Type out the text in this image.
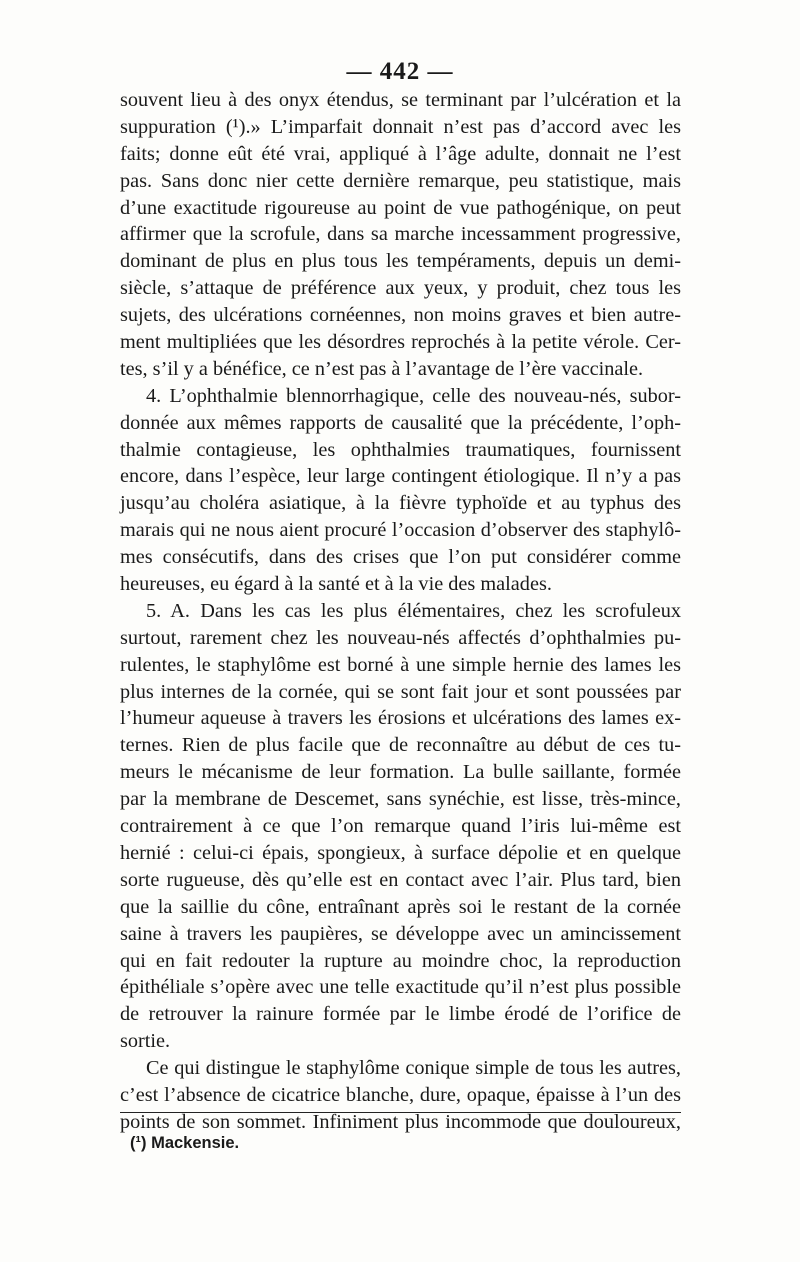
— 442 —
souvent lieu à des onyx étendus, se terminant par l’ulcération et la
suppuration (¹).» L’imparfait donnait n’est pas d’accord avec les
faits; donne eût été vrai, appliqué à l’âge adulte, donnait ne l’est
pas. Sans donc nier cette dernière remarque, peu statistique, mais
d’une exactitude rigoureuse au point de vue pathogénique, on peut
affirmer que la scrofule, dans sa marche incessamment progressive,
dominant de plus en plus tous les tempéraments, depuis un demi-
siècle, s’attaque de préférence aux yeux, y produit, chez tous les
sujets, des ulcérations cornéennes, non moins graves et bien autre-
ment multipliées que les désordres reprochés à la petite vérole. Cer-
tes, s’il y a bénéfice, ce n’est pas à l’avantage de l’ère vaccinale.
4. L’ophthalmie blennorrhagique, celle des nouveau-nés, subor-
donnée aux mêmes rapports de causalité que la précédente, l’oph-
thalmie contagieuse, les ophthalmies traumatiques, fournissent
encore, dans l’espèce, leur large contingent étiologique. Il n’y a pas
jusqu’au choléra asiatique, à la fièvre typhoïde et au typhus des
marais qui ne nous aient procuré l’occasion d’observer des staphylô-
mes consécutifs, dans des crises que l’on put considérer comme
heureuses, eu égard à la santé et à la vie des malades.
5. A. Dans les cas les plus élémentaires, chez les scrofuleux
surtout, rarement chez les nouveau-nés affectés d’ophthalmies pu-
rulentes, le staphylôme est borné à une simple hernie des lames les
plus internes de la cornée, qui se sont fait jour et sont poussées par
l’humeur aqueuse à travers les érosions et ulcérations des lames ex-
ternes. Rien de plus facile que de reconnaître au début de ces tu-
meurs le mécanisme de leur formation. La bulle saillante, formée
par la membrane de Descemet, sans synéchie, est lisse, très-mince,
contrairement à ce que l’on remarque quand l’iris lui-même est
hernié : celui-ci épais, spongieux, à surface dépolie et en quelque
sorte rugueuse, dès qu’elle est en contact avec l’air. Plus tard, bien
que la saillie du cône, entraînant après soi le restant de la cornée
saine à travers les paupières, se développe avec un amincissement
qui en fait redouter la rupture au moindre choc, la reproduction
épithéliale s’opère avec une telle exactitude qu’il n’est plus possible
de retrouver la rainure formée par le limbe érodé de l’orifice de
sortie.
Ce qui distingue le staphylôme conique simple de tous les autres,
c’est l’absence de cicatrice blanche, dure, opaque, épaisse à l’un des
points de son sommet. Infiniment plus incommode que douloureux,
(¹) Mackensie.
